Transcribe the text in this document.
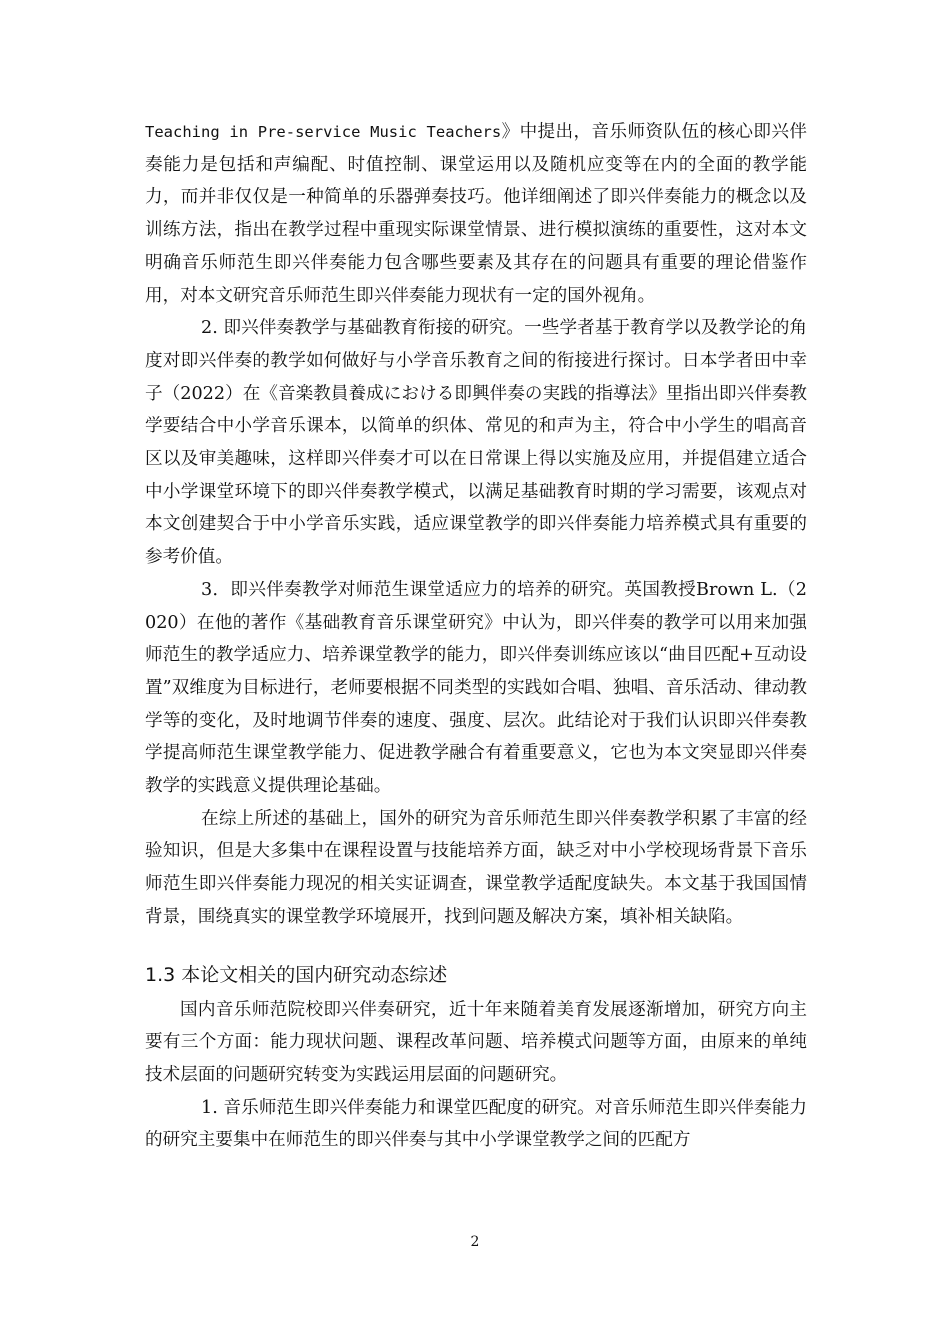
Teaching in Pre-service Music Teachers》中提出，音乐师资队伍的核心即兴伴奏能力是包括和声编配、时值控制、课堂运用以及随机应变等在内的全面的教学能力，而并非仅仅是一种简单的乐器弹奏技巧。他详细阐述了即兴伴奏能力的概念以及训练方法，指出在教学过程中重现实际课堂情景、进行模拟演练的重要性，这对本文明确音乐师范生即兴伴奏能力包含哪些要素及其存在的问题具有重要的理论借鉴作用，对本文研究音乐师范生即兴伴奏能力现状有一定的国外视角。

2. 即兴伴奏教学与基础教育衔接的研究。一些学者基于教育学以及教学论的角度对即兴伴奏的教学如何做好与小学音乐教育之间的衔接进行探讨。日本学者田中幸子（2022）在《音楽教員養成における即興伴奏の実践的指導法》里指出即兴伴奏教学要结合中小学音乐课本，以简单的织体、常见的和声为主，符合中小学生的唱高音区以及审美趣味，这样即兴伴奏才可以在日常课上得以实施及应用，并提倡建立适合中小学课堂环境下的即兴伴奏教学模式，以满足基础教育时期的学习需要，该观点对本文创建契合于中小学音乐实践，适应课堂教学的即兴伴奏能力培养模式具有重要的参考价值。

3．即兴伴奏教学对师范生课堂适应力的培养的研究。英国教授Brown L.（2020）在他的著作《基础教育音乐课堂研究》中认为，即兴伴奏的教学可以用来加强师范生的教学适应力、培养课堂教学的能力，即兴伴奏训练应该以“曲目匹配+互动设置”双维度为目标进行，老师要根据不同类型的实践如合唱、独唱、音乐活动、律动教学等的变化，及时地调节伴奏的速度、强度、层次。此结论对于我们认识即兴伴奏教学提高师范生课堂教学能力、促进教学融合有着重要意义，它也为本文突显即兴伴奏教学的实践意义提供理论基础。

在综上所述的基础上，国外的研究为音乐师范生即兴伴奏教学积累了丰富的经验知识，但是大多集中在课程设置与技能培养方面，缺乏对中小学校现场背景下音乐师范生即兴伴奏能力现况的相关实证调查，课堂教学适配度缺失。本文基于我国国情背景，围绕真实的课堂教学环境展开，找到问题及解决方案，填补相关缺陷。

1.3 本论文相关的国内研究动态综述

国内音乐师范院校即兴伴奏研究，近十年来随着美育发展逐渐增加，研究方向主要有三个方面：能力现状问题、课程改革问题、培养模式问题等方面，由原来的单纯技术层面的问题研究转变为实践运用层面的问题研究。

1. 音乐师范生即兴伴奏能力和课堂匹配度的研究。对音乐师范生即兴伴奏能力的研究主要集中在师范生的即兴伴奏与其中小学课堂教学之间的匹配方

2
